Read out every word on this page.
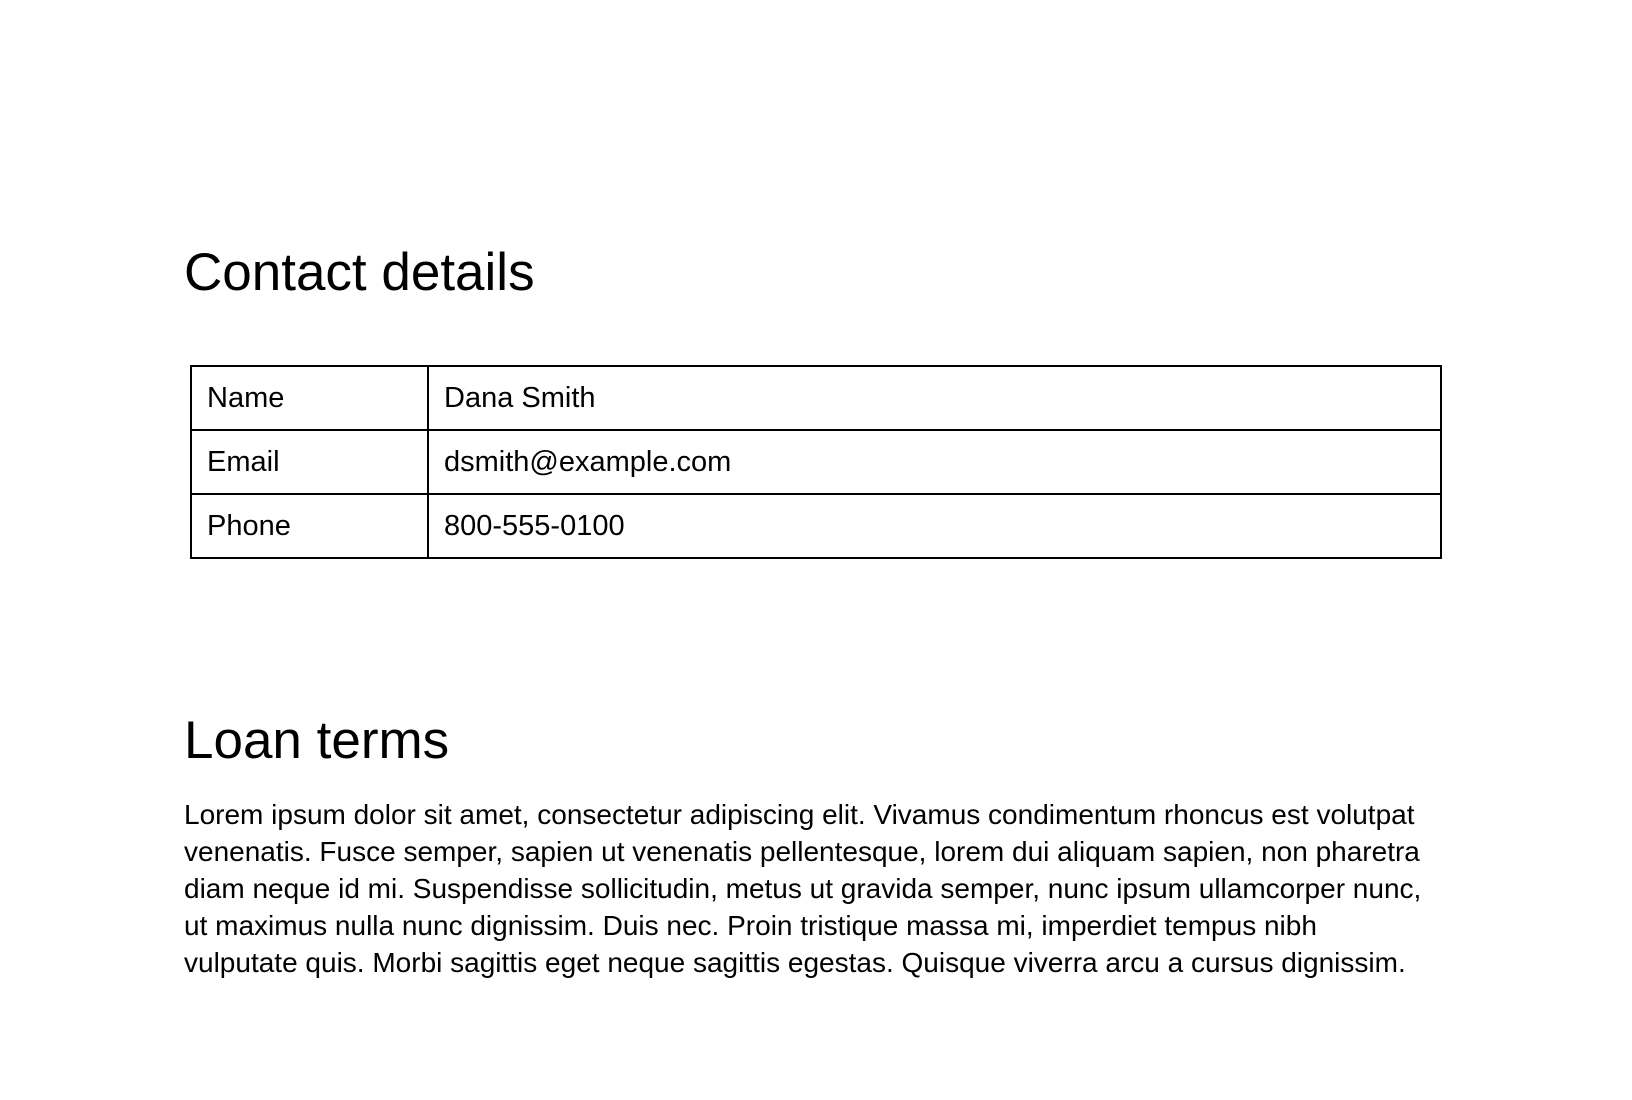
Contact details
Name	Dana Smith
Email	dsmith@example.com
Phone	800-555-0100
Loan terms

Lorem ipsum dolor sit amet, consectetur adipiscing elit. Vivamus condimentum rhoncus est volutpat venenatis. Fusce semper, sapien ut venenatis pellentesque, lorem dui aliquam sapien, non pharetra diam neque id mi. Suspendisse sollicitudin, metus ut gravida semper, nunc ipsum ullamcorper nunc, ut maximus nulla nunc dignissim. Duis nec. Proin tristique massa mi, imperdiet tempus nibh vulputate quis. Morbi sagittis eget neque sagittis egestas. Quisque viverra arcu a cursus dignissim.
